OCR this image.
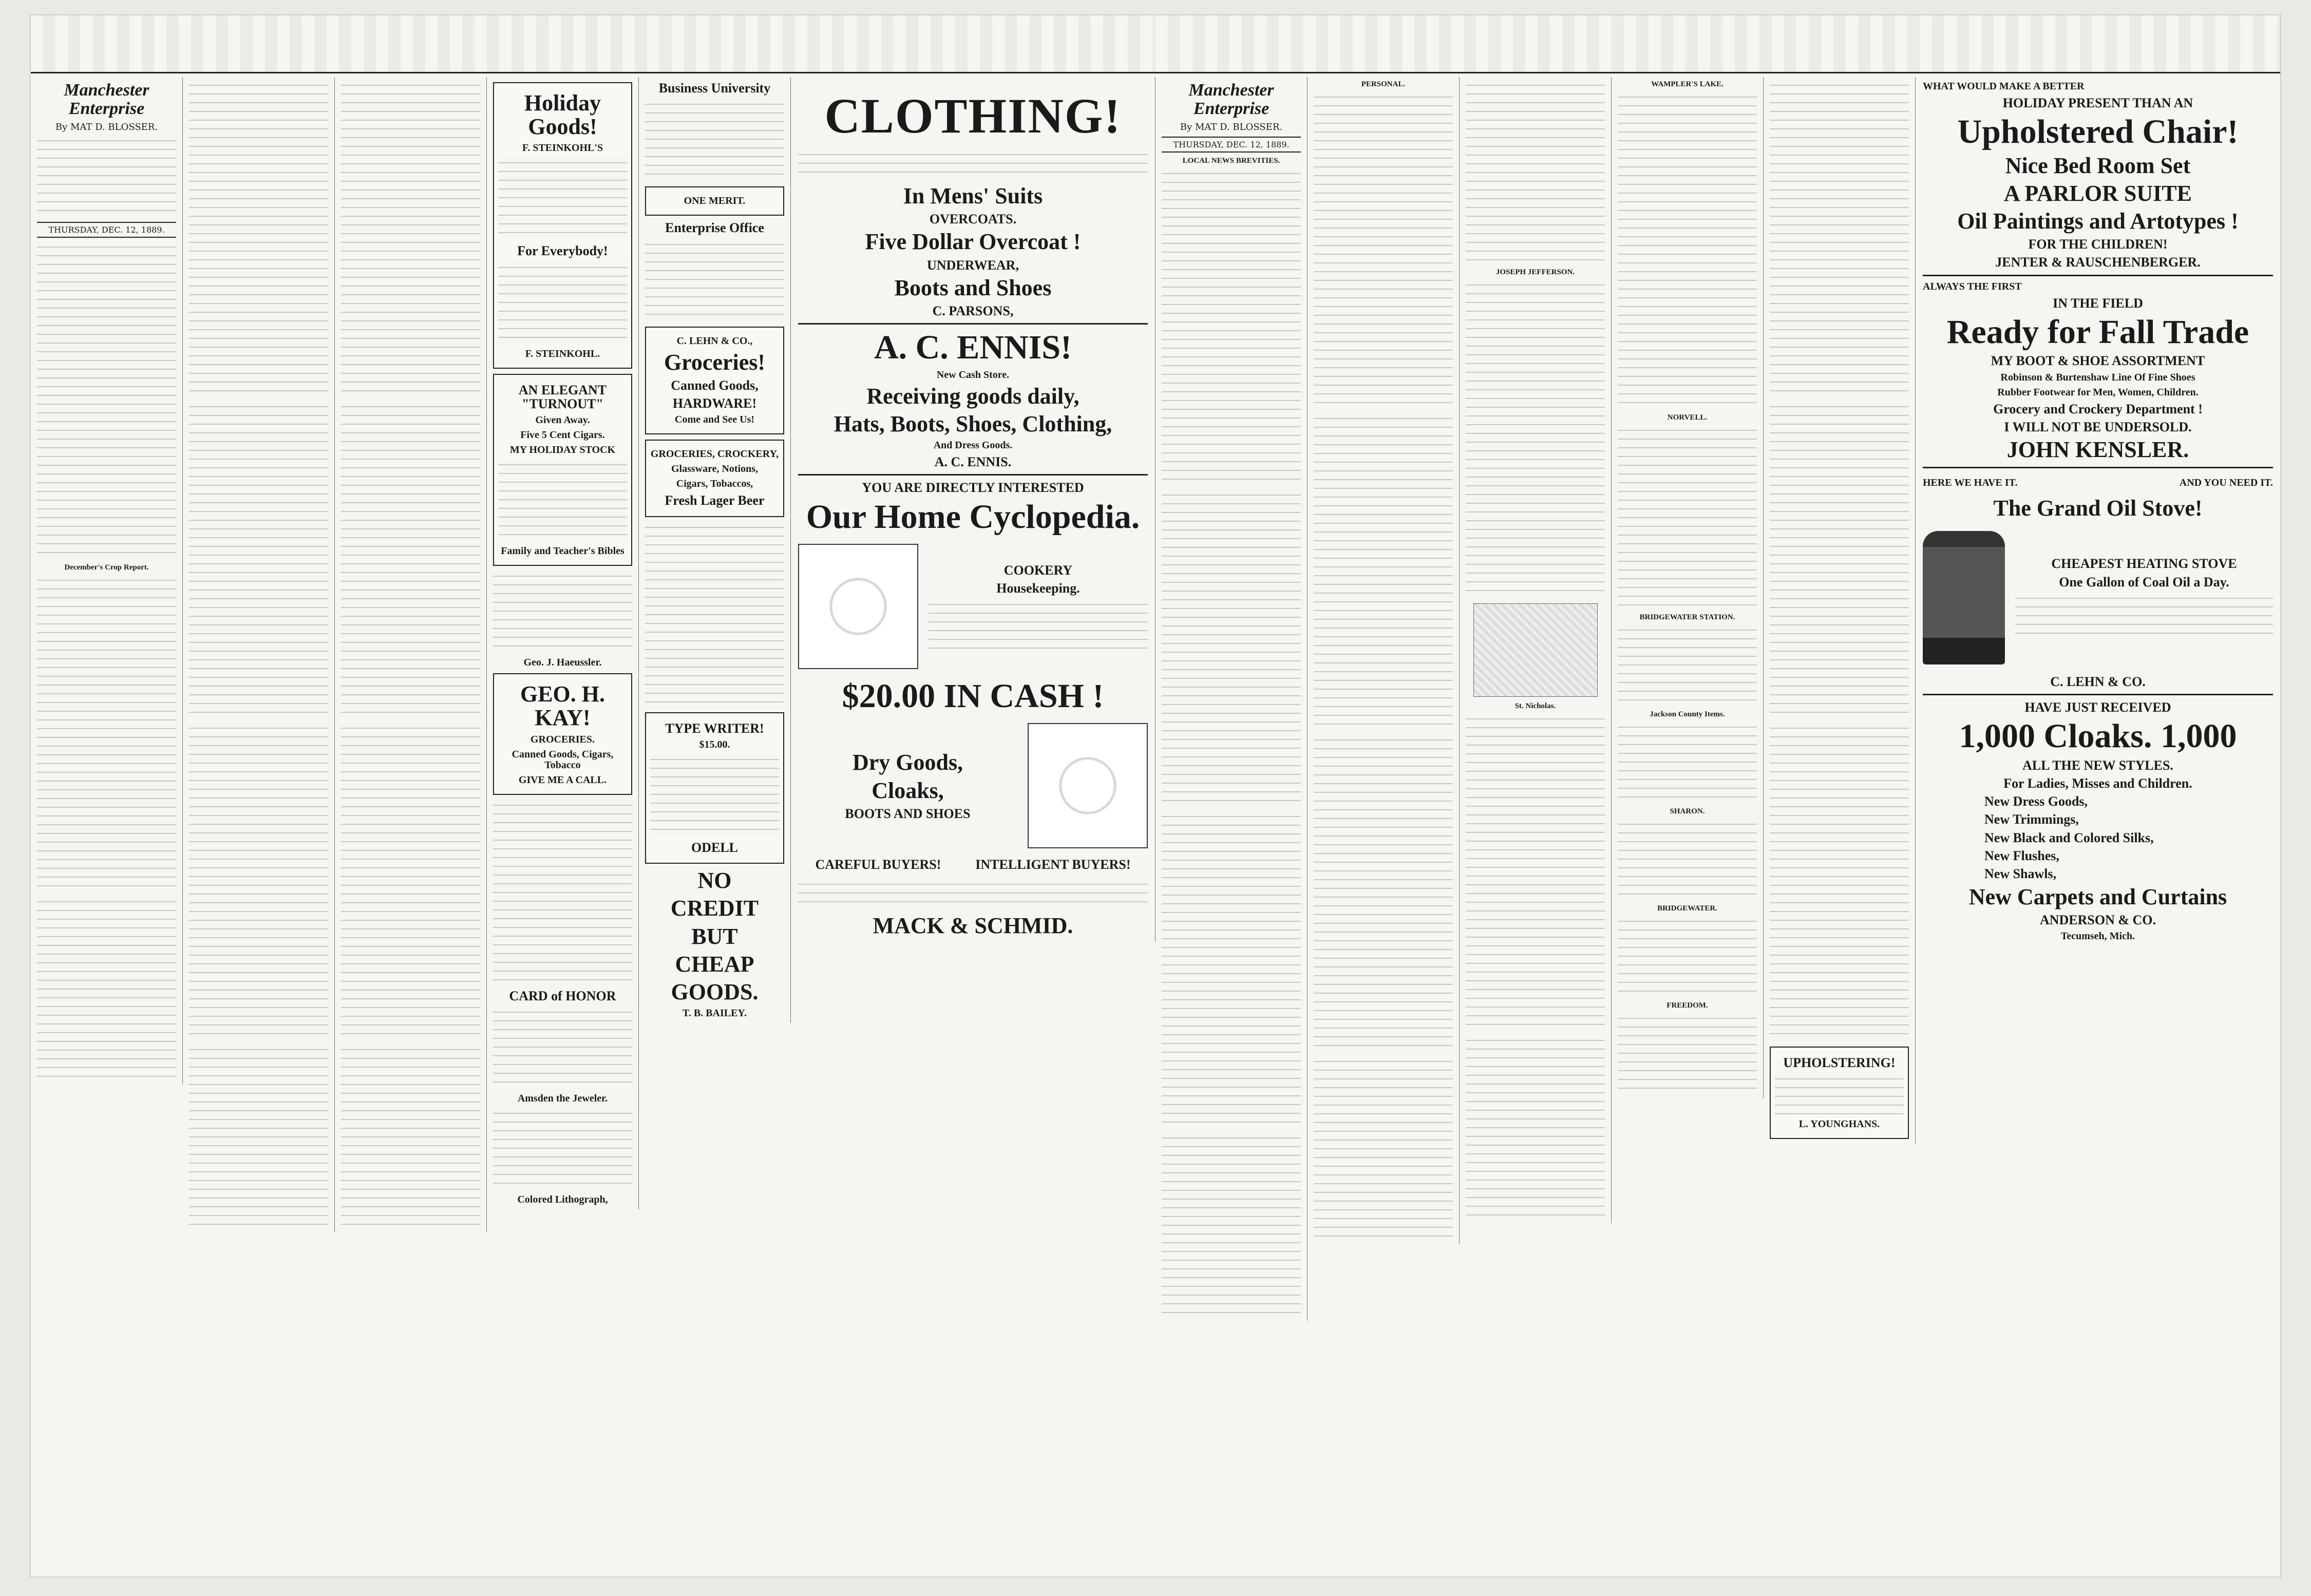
Manchester Enterprise
By MAT D. BLOSSER.
THURSDAY, DEC. 12, 1889.
December's Crop Report.
Holiday Goods!
F. STEINKOHL'S
For Everybody!
F. STEINKOHL.
AN ELEGANT "TURNOUT"
Given Away.
Five 5 Cent Cigars.
MY HOLIDAY STOCK
Family and Teacher's Bibles
Geo. J. Haeussler.
GEO. H. KAY!
GROCERIES.
Canned Goods, Cigars, Tobacco
GIVE ME A CALL.
CARD of HONOR
Amsden the Jeweler.
Colored Lithograph,
Business University
ONE MERIT.
Enterprise Office
C. LEHN & CO.,
Groceries!
Canned Goods,
HARDWARE!
Come and See Us!
GROCERIES, CROCKERY,
Glassware, Notions,
Cigars, Tobaccos,
Fresh Lager Beer
TYPE WRITER!
$15.00.
ODELL
NO
CREDIT
BUT
CHEAP
GOODS.
T. B. BAILEY.
CLOTHING!
In Mens' Suits
OVERCOATS.
Five Dollar Overcoat !
UNDERWEAR,
Boots and Shoes
C. PARSONS,
A. C. ENNIS!
New Cash Store.
Receiving goods daily,
Hats, Boots, Shoes, Clothing,
And Dress Goods.
A. C. ENNIS.
YOU ARE DIRECTLY INTERESTED
Our Home Cyclopedia.
COOKERY
Housekeeping.
$20.00 IN CASH !
Dry Goods,
Cloaks,
BOOTS AND SHOES
CAREFUL BUYERS!	INTELLIGENT BUYERS!
MACK & SCHMID.
Manchester Enterprise
By MAT D. BLOSSER.
THURSDAY, DEC. 12, 1889.
LOCAL NEWS BREVITIES.
PERSONAL.
JOSEPH JEFFERSON.
St. Nicholas.
WAMPLER'S LAKE.
NORVELL.
BRIDGEWATER STATION.
Jackson County Items.
SHARON.
BRIDGEWATER.
FREEDOM.
UPHOLSTERING!
L. YOUNGHANS.
WHAT WOULD MAKE A BETTER
HOLIDAY PRESENT THAN AN
Upholstered Chair!
Nice Bed Room Set
A PARLOR SUITE
Oil Paintings and Artotypes !
FOR THE CHILDREN!
JENTER & RAUSCHENBERGER.
ALWAYS THE FIRST
IN THE FIELD
Ready for Fall Trade
MY BOOT & SHOE ASSORTMENT
Robinson & Burtenshaw Line Of Fine Shoes
Rubber Footwear for Men, Women, Children.
Grocery and Crockery Department !
I WILL NOT BE UNDERSOLD.
JOHN KENSLER.
HERE WE HAVE IT.	AND YOU NEED IT.
The Grand Oil Stove!
CHEAPEST HEATING STOVE
One Gallon of Coal Oil a Day.
C. LEHN & CO.
HAVE JUST RECEIVED
1,000 Cloaks. 1,000
ALL THE NEW STYLES.
For Ladies, Misses and Children.
New Dress Goods,
New Trimmings,
New Black and Colored Silks,
New Flushes,
New Shawls,
New Carpets and Curtains
ANDERSON & CO.
Tecumseh, Mich.
